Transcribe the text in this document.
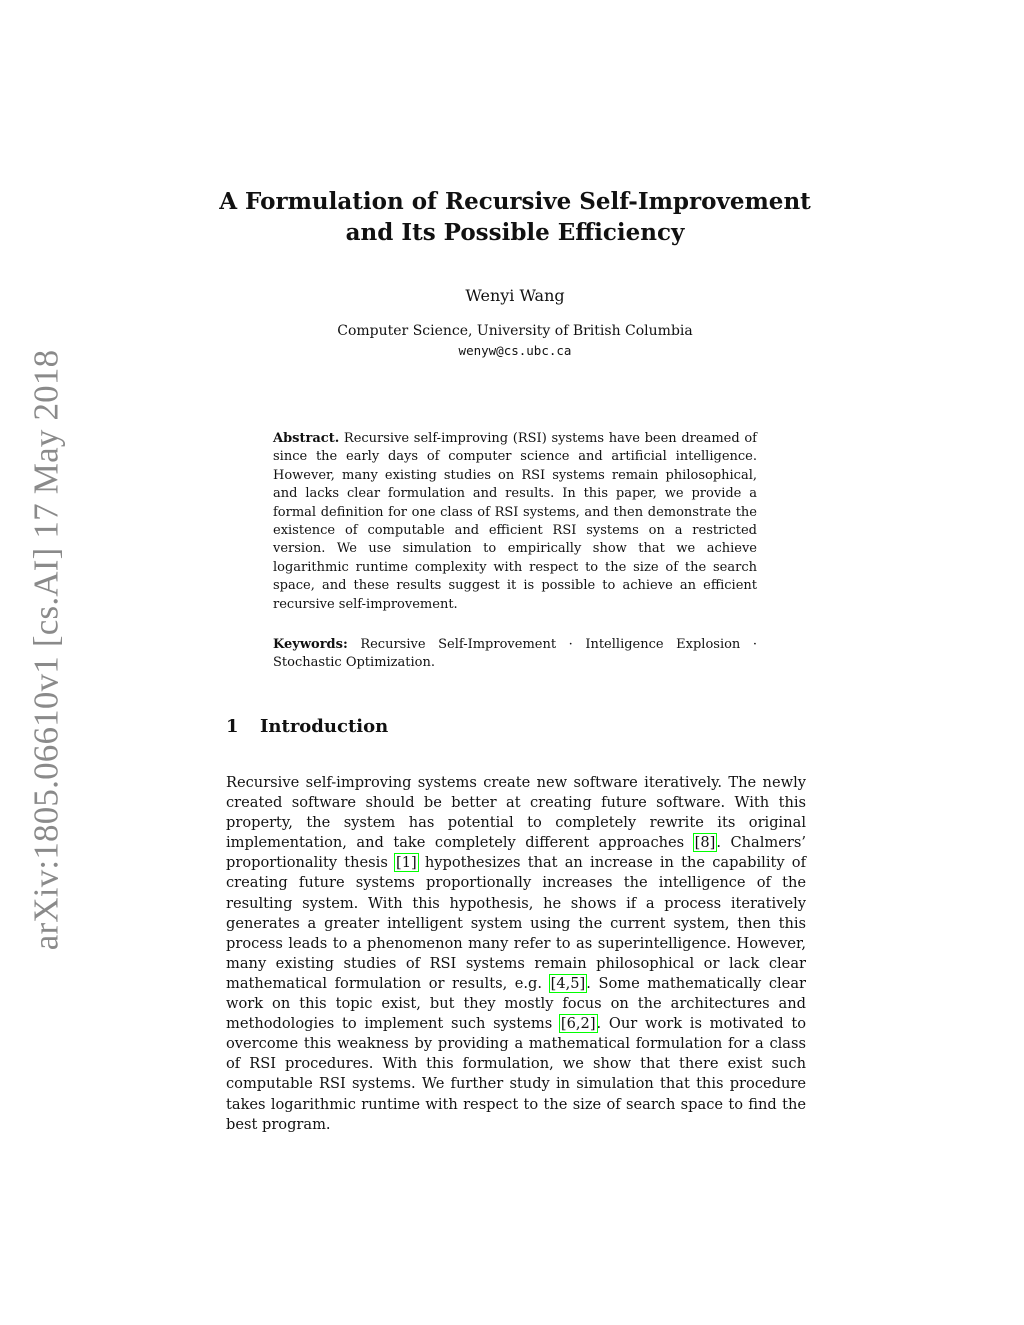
arXiv:1805.06610v1 [cs.AI] 17 May 2018
A Formulation of Recursive Self-Improvement
and Its Possible Efficiency
Wenyi Wang
Computer Science, University of British Columbia
wenyw@cs.ubc.ca
Abstract. Recursive self-improving (RSI) systems have been dreamed of since the early days of computer science and artificial intelligence. However, many existing studies on RSI systems remain philosophical, and lacks clear formulation and results. In this paper, we provide a formal definition for one class of RSI systems, and then demonstrate the existence of computable and efficient RSI systems on a restricted version. We use simulation to empirically show that we achieve logarithmic runtime complexity with respect to the size of the search space, and these results suggest it is possible to achieve an efficient recursive self-improvement.
Keywords: Recursive Self-Improvement · Intelligence Explosion · Stochastic Optimization.
1 Introduction
Recursive self-improving systems create new software iteratively. The newly created software should be better at creating future software. With this property, the system has potential to completely rewrite its original implementation, and take completely different approaches [8]. Chalmers’ proportionality thesis [1] hypothesizes that an increase in the capability of creating future systems proportionally increases the intelligence of the resulting system. With this hypothesis, he shows if a process iteratively generates a greater intelligent system using the current system, then this process leads to a phenomenon many refer to as superintelligence. However, many existing studies of RSI systems remain philosophical or lack clear mathematical formulation or results, e.g. [4,5]. Some mathematically clear work on this topic exist, but they mostly focus on the architectures and methodologies to implement such systems [6,2]. Our work is motivated to overcome this weakness by providing a mathematical formulation for a class of RSI procedures. With this formulation, we show that there exist such computable RSI systems. We further study in simulation that this procedure takes logarithmic runtime with respect to the size of search space to find the best program.
